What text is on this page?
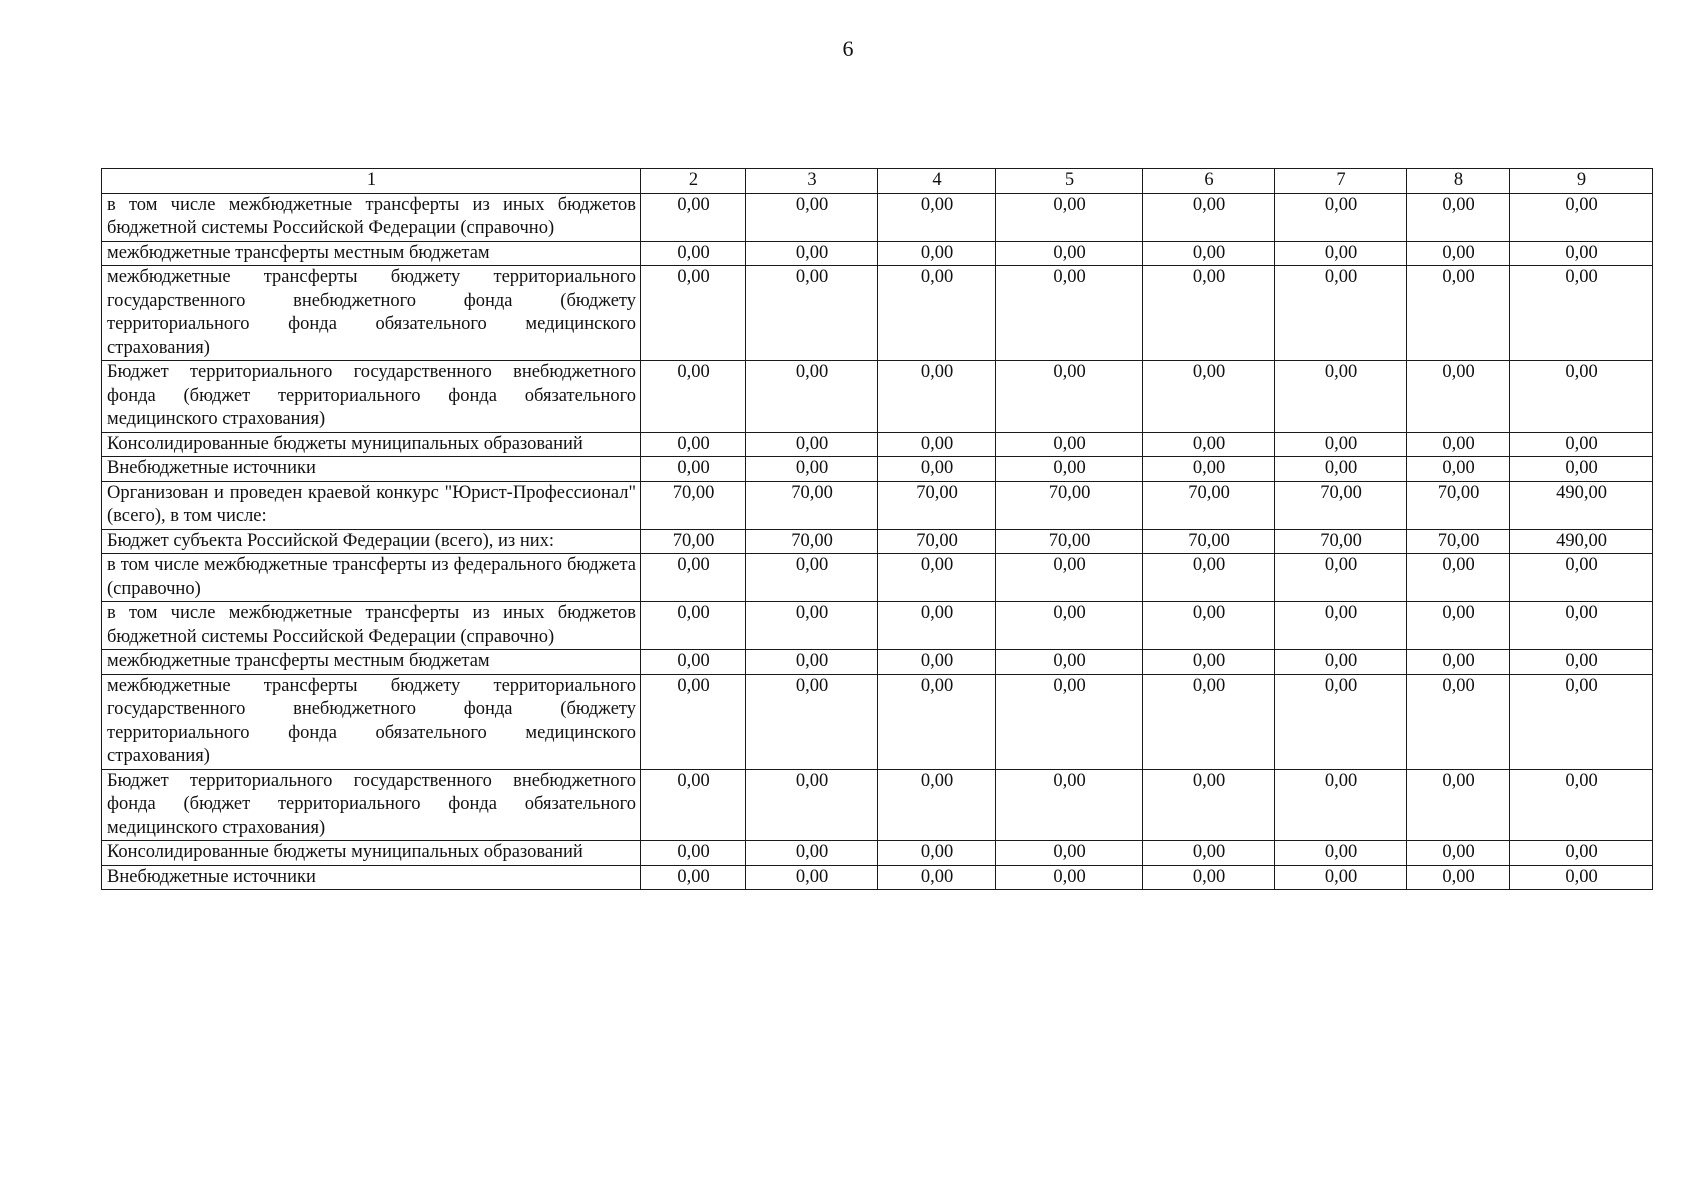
6
1	2	3	4	5	6	7	8	9
в том числе межбюджетные трансферты из иных бюджетов бюджетной системы Российской Федерации (справочно)	0,00	0,00	0,00	0,00	0,00	0,00	0,00	0,00
межбюджетные трансферты местным бюджетам	0,00	0,00	0,00	0,00	0,00	0,00	0,00	0,00
межбюджетные трансферты бюджету территориального государственного внебюджетного фонда (бюджету территориального фонда обязательного медицинского страхования)	0,00	0,00	0,00	0,00	0,00	0,00	0,00	0,00
Бюджет территориального государственного внебюджетного фонда (бюджет территориального фонда обязательного медицинского страхования)	0,00	0,00	0,00	0,00	0,00	0,00	0,00	0,00
Консолидированные бюджеты муниципальных образований	0,00	0,00	0,00	0,00	0,00	0,00	0,00	0,00
Внебюджетные источники	0,00	0,00	0,00	0,00	0,00	0,00	0,00	0,00
Организован и проведен краевой конкурс "Юрист-Профессионал" (всего), в том числе:	70,00	70,00	70,00	70,00	70,00	70,00	70,00	490,00
Бюджет субъекта Российской Федерации (всего), из них:	70,00	70,00	70,00	70,00	70,00	70,00	70,00	490,00
в том числе межбюджетные трансферты из федерального бюджета (справочно)	0,00	0,00	0,00	0,00	0,00	0,00	0,00	0,00
в том числе межбюджетные трансферты из иных бюджетов бюджетной системы Российской Федерации (справочно)	0,00	0,00	0,00	0,00	0,00	0,00	0,00	0,00
межбюджетные трансферты местным бюджетам	0,00	0,00	0,00	0,00	0,00	0,00	0,00	0,00
межбюджетные трансферты бюджету территориального государственного внебюджетного фонда (бюджету территориального фонда обязательного медицинского страхования)	0,00	0,00	0,00	0,00	0,00	0,00	0,00	0,00
Бюджет территориального государственного внебюджетного фонда (бюджет территориального фонда обязательного медицинского страхования)	0,00	0,00	0,00	0,00	0,00	0,00	0,00	0,00
Консолидированные бюджеты муниципальных образований	0,00	0,00	0,00	0,00	0,00	0,00	0,00	0,00
Внебюджетные источники	0,00	0,00	0,00	0,00	0,00	0,00	0,00	0,00
